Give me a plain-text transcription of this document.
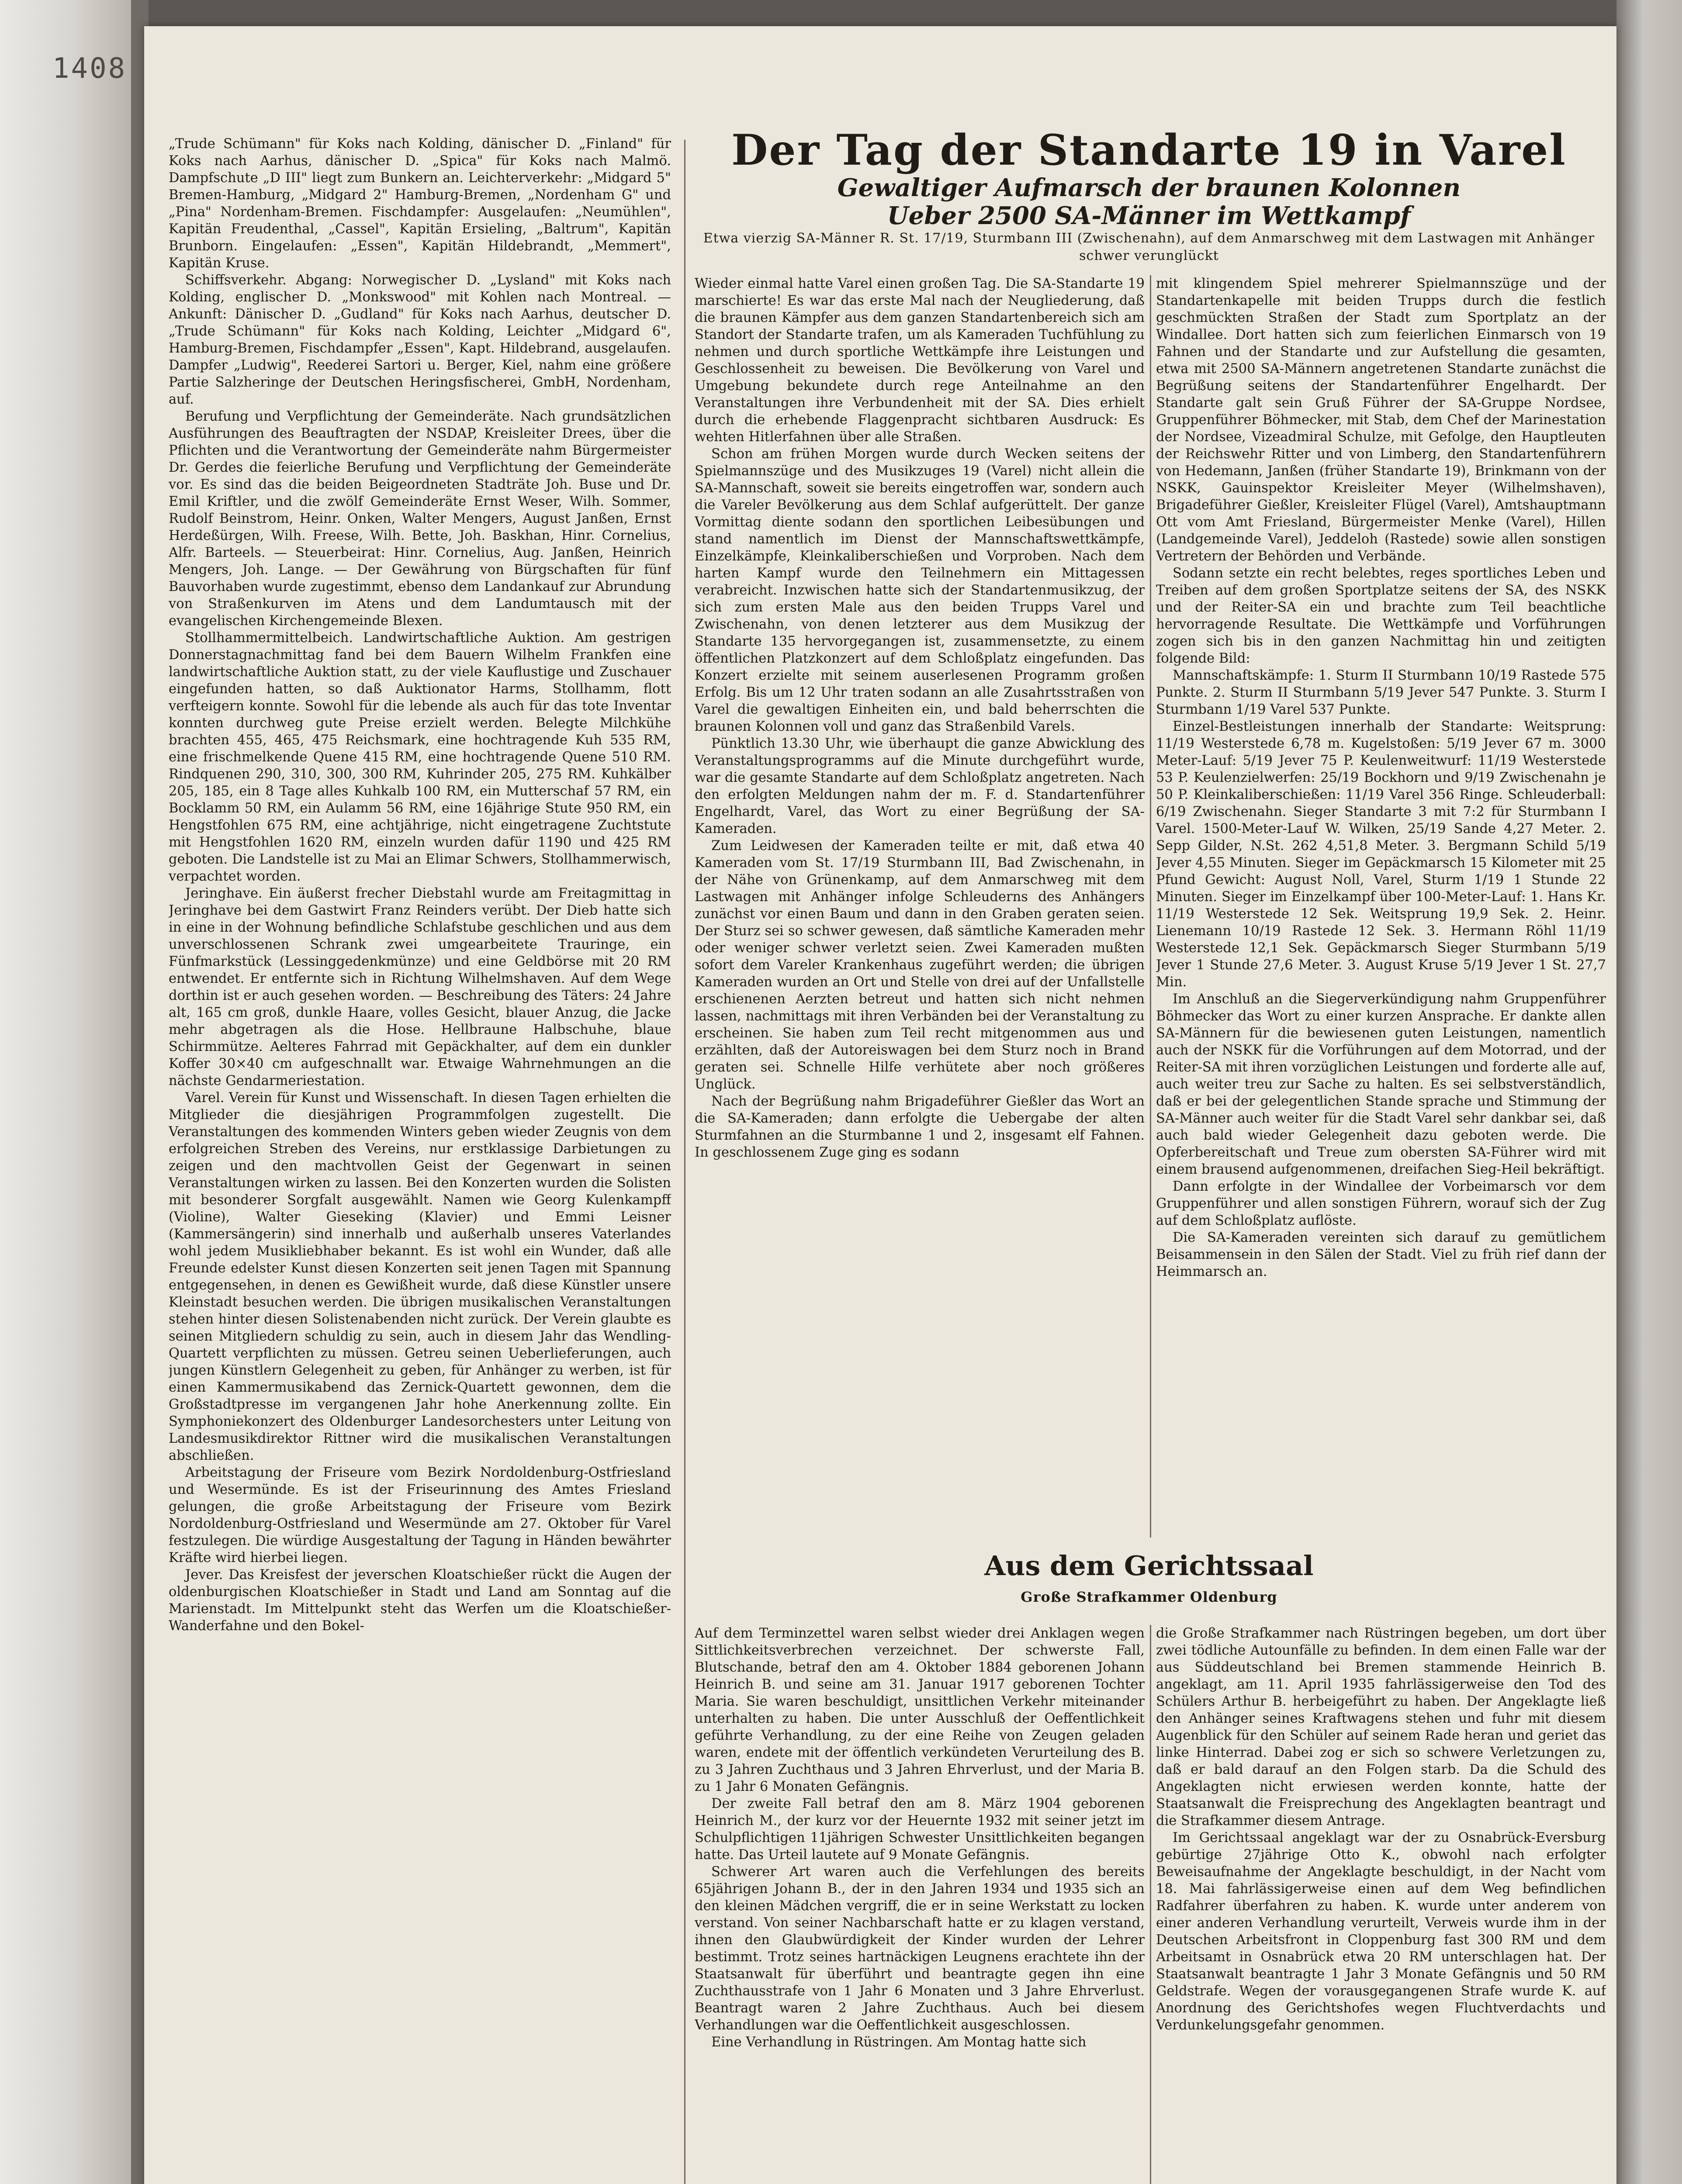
1408

„Trude Schümann" für Koks nach Kolding, dänischer D. „Finland" für Koks nach Aarhus, dänischer D. „Spica" für Koks nach Malmö. Dampfschute „D III" liegt zum Bunkern an. Leichterverkehr: „Midgard 5" Bremen-Hamburg, „Midgard 2" Hamburg-Bremen, „Nordenham G" und „Pina" Nordenham-Bremen. Fischdampfer: Ausgelaufen: „Neumühlen", Kapitän Freudenthal, „Cassel", Kapitän Ersieling, „Baltrum", Kapitän Brunborn. Eingelaufen: „Essen", Kapitän Hildebrandt, „Memmert", Kapitän Kruse.

Schiffsverkehr. Abgang: Norwegischer D. „Lysland" mit Koks nach Kolding, englischer D. „Monkswood" mit Kohlen nach Montreal. — Ankunft: Dänischer D. „Gudland" für Koks nach Aarhus, deutscher D. „Trude Schümann" für Koks nach Kolding, Leichter „Midgard 6", Hamburg-Bremen, Fischdampfer „Essen", Kapt. Hildebrand, ausgelaufen. Dampfer „Ludwig", Reederei Sartori u. Berger, Kiel, nahm eine größere Partie Salzheringe der Deutschen Heringsfischerei, GmbH, Nordenham, auf.

Berufung und Verpflichtung der Gemeinderäte. Nach grundsätzlichen Ausführungen des Beauftragten der NSDAP, Kreisleiter Drees, über die Pflichten und die Verantwortung der Gemeinderäte nahm Bürgermeister Dr. Gerdes die feierliche Berufung und Verpflichtung der Gemeinderäte vor. Es sind das die beiden Beigeordneten Stadträte Joh. Buse und Dr. Emil Kriftler, und die zwölf Gemeinderäte Ernst Weser, Wilh. Sommer, Rudolf Beinstrom, Heinr. Onken, Walter Mengers, August Janßen, Ernst Herdeßürgen, Wilh. Freese, Wilh. Bette, Joh. Baskhan, Hinr. Cornelius, Alfr. Barteels. — Steuerbeirat: Hinr. Cornelius, Aug. Janßen, Heinrich Mengers, Joh. Lange. — Der Gewährung von Bürgschaften für fünf Bauvorhaben wurde zugestimmt, ebenso dem Landankauf zur Abrundung von Straßenkurven im Atens und dem Landumtausch mit der evangelischen Kirchengemeinde Blexen.

Stollhammermittelbeich. Landwirtschaftliche Auktion. Am gestrigen Donnerstagnachmittag fand bei dem Bauern Wilhelm Frankfen eine landwirtschaftliche Auktion statt, zu der viele Kauflustige und Zuschauer eingefunden hatten, so daß Auktionator Harms, Stollhamm, flott verfteigern konnte. Sowohl für die lebende als auch für das tote Inventar konnten durchweg gute Preise erzielt werden. Belegte Milchkühe brachten 455, 465, 475 Reichsmark, eine hochtragende Kuh 535 RM, eine frischmelkende Quene 415 RM, eine hochtragende Quene 510 RM. Rindquenen 290, 310, 300, 300 RM, Kuhrinder 205, 275 RM. Kuhkälber 205, 185, ein 8 Tage alles Kuhkalb 100 RM, ein Mutterschaf 57 RM, ein Bocklamm 50 RM, ein Aulamm 56 RM, eine 16jährige Stute 950 RM, ein Hengstfohlen 675 RM, eine achtjährige, nicht eingetragene Zuchtstute mit Hengstfohlen 1620 RM, einzeln wurden dafür 1190 und 425 RM geboten. Die Landstelle ist zu Mai an Elimar Schwers, Stollhammerwisch, verpachtet worden.

Jeringhave. Ein äußerst frecher Diebstahl wurde am Freitagmittag in Jeringhave bei dem Gastwirt Franz Reinders verübt. Der Dieb hatte sich in eine in der Wohnung befindliche Schlafstube geschlichen und aus dem unverschlossenen Schrank zwei umgearbeitete Trauringe, ein Fünfmarkstück (Lessinggedenkmünze) und eine Geldbörse mit 20 RM entwendet. Er entfernte sich in Richtung Wilhelmshaven. Auf dem Wege dorthin ist er auch gesehen worden. — Beschreibung des Täters: 24 Jahre alt, 165 cm groß, dunkle Haare, volles Gesicht, blauer Anzug, die Jacke mehr abgetragen als die Hose. Hellbraune Halbschuhe, blaue Schirmmütze. Aelteres Fahrrad mit Gepäckhalter, auf dem ein dunkler Koffer 30×40 cm aufgeschnallt war. Etwaige Wahrnehmungen an die nächste Gendarmeriestation.

Varel. Verein für Kunst und Wissenschaft. In diesen Tagen erhielten die Mitglieder die diesjährigen Programmfolgen zugestellt. Die Veranstaltungen des kommenden Winters geben wieder Zeugnis von dem erfolgreichen Streben des Vereins, nur erstklassige Darbietungen zu zeigen und den machtvollen Geist der Gegenwart in seinen Veranstaltungen wirken zu lassen. Bei den Konzerten wurden die Solisten mit besonderer Sorgfalt ausgewählt. Namen wie Georg Kulenkampff (Violine), Walter Gieseking (Klavier) und Emmi Leisner (Kammersängerin) sind innerhalb und außerhalb unseres Vaterlandes wohl jedem Musikliebhaber bekannt. Es ist wohl ein Wunder, daß alle Freunde edelster Kunst diesen Konzerten seit jenen Tagen mit Spannung entgegensehen, in denen es Gewißheit wurde, daß diese Künstler unsere Kleinstadt besuchen werden. Die übrigen musikalischen Veranstaltungen stehen hinter diesen Solistenabenden nicht zurück. Der Verein glaubte es seinen Mitgliedern schuldig zu sein, auch in diesem Jahr das Wendling-Quartett verpflichten zu müssen. Getreu seinen Ueberlieferungen, auch jungen Künstlern Gelegenheit zu geben, für Anhänger zu werben, ist für einen Kammermusikabend das Zernick-Quartett gewonnen, dem die Großstadtpresse im vergangenen Jahr hohe Anerkennung zollte. Ein Symphoniekonzert des Oldenburger Landesorchesters unter Leitung von Landesmusikdirektor Rittner wird die musikalischen Veranstaltungen abschließen.

Arbeitstagung der Friseure vom Bezirk Nordoldenburg-Ostfriesland und Wesermünde. Es ist der Friseurinnung des Amtes Friesland gelungen, die große Arbeitstagung der Friseure vom Bezirk Nordoldenburg-Ostfriesland und Wesermünde am 27. Oktober für Varel festzulegen. Die würdige Ausgestaltung der Tagung in Händen bewährter Kräfte wird hierbei liegen.

Jever. Das Kreisfest der jeverschen Kloatschießer rückt die Augen der oldenburgischen Kloatschießer in Stadt und Land am Sonntag auf die Marienstadt. Im Mittelpunkt steht das Werfen um die Kloatschießer-Wanderfahne und den Bokel-

Der Tag der Standarte 19 in Varel

Gewaltiger Aufmarsch der braunen Kolonnen

Ueber 2500 SA-Männer im Wettkampf

Etwa vierzig SA-Männer R. St. 17/19, Sturmbann III (Zwischenahn), auf dem Anmarschweg mit dem Lastwagen mit Anhänger schwer verunglückt

Wieder einmal hatte Varel einen großen Tag. Die SA-Standarte 19 marschierte! Es war das erste Mal nach der Neugliederung, daß die braunen Kämpfer aus dem ganzen Standartenbereich sich am Standort der Standarte trafen, um als Kameraden Tuchfühlung zu nehmen und durch sportliche Wettkämpfe ihre Leistungen und Geschlossenheit zu beweisen. Die Bevölkerung von Varel und Umgebung bekundete durch rege Anteilnahme an den Veranstaltungen ihre Verbundenheit mit der SA. Dies erhielt durch die erhebende Flaggenpracht sichtbaren Ausdruck: Es wehten Hitlerfahnen über alle Straßen.

Schon am frühen Morgen wurde durch Wecken seitens der Spielmannszüge und des Musikzuges 19 (Varel) nicht allein die SA-Mannschaft, soweit sie bereits eingetroffen war, sondern auch die Vareler Bevölkerung aus dem Schlaf aufgerüttelt. Der ganze Vormittag diente sodann den sportlichen Leibesübungen und stand namentlich im Dienst der Mannschaftswettkämpfe, Einzelkämpfe, Kleinkaliberschießen und Vorproben. Nach dem harten Kampf wurde den Teilnehmern ein Mittagessen verabreicht. Inzwischen hatte sich der Standartenmusikzug, der sich zum ersten Male aus den beiden Trupps Varel und Zwischenahn, von denen letzterer aus dem Musikzug der Standarte 135 hervorgegangen ist, zusammensetzte, zu einem öffentlichen Platzkonzert auf dem Schloßplatz eingefunden. Das Konzert erzielte mit seinem auserlesenen Programm großen Erfolg. Bis um 12 Uhr traten sodann an alle Zusahrtsstraßen von Varel die gewaltigen Einheiten ein, und bald beherrschten die braunen Kolonnen voll und ganz das Straßenbild Varels.

Pünktlich 13.30 Uhr, wie überhaupt die ganze Abwicklung des Veranstaltungsprogramms auf die Minute durchgeführt wurde, war die gesamte Standarte auf dem Schloßplatz angetreten. Nach den erfolgten Meldungen nahm der m. F. d. Standartenführer Engelhardt, Varel, das Wort zu einer Begrüßung der SA-Kameraden.

Zum Leidwesen der Kameraden teilte er mit, daß etwa 40 Kameraden vom St. 17/19 Sturmbann III, Bad Zwischenahn, in der Nähe von Grünenkamp, auf dem Anmarschweg mit dem Lastwagen mit Anhänger infolge Schleuderns des Anhängers zunächst vor einen Baum und dann in den Graben geraten seien. Der Sturz sei so schwer gewesen, daß sämtliche Kameraden mehr oder weniger schwer verletzt seien. Zwei Kameraden mußten sofort dem Vareler Krankenhaus zugeführt werden; die übrigen Kameraden wurden an Ort und Stelle von drei auf der Unfallstelle erschienenen Aerzten betreut und hatten sich nicht nehmen lassen, nachmittags mit ihren Verbänden bei der Veranstaltung zu erscheinen. Sie haben zum Teil recht mitgenommen aus und erzählten, daß der Autoreiswagen bei dem Sturz noch in Brand geraten sei. Schnelle Hilfe verhütete aber noch größeres Unglück.

Nach der Begrüßung nahm Brigadeführer Gießler das Wort an die SA-Kameraden; dann erfolgte die Uebergabe der alten Sturmfahnen an die Sturmbanne 1 und 2, insgesamt elf Fahnen. In geschlossenem Zuge ging es sodann

mit klingendem Spiel mehrerer Spielmannszüge und der Standartenkapelle mit beiden Trupps durch die festlich geschmückten Straßen der Stadt zum Sportplatz an der Windallee. Dort hatten sich zum feierlichen Einmarsch von 19 Fahnen und der Standarte und zur Aufstellung die gesamten, etwa mit 2500 SA-Männern angetretenen Standarte zunächst die Begrüßung seitens der Standartenführer Engelhardt. Der Standarte galt sein Gruß Führer der SA-Gruppe Nordsee, Gruppenführer Böhmecker, mit Stab, dem Chef der Marinestation der Nordsee, Vizeadmiral Schulze, mit Gefolge, den Hauptleuten der Reichswehr Ritter und von Limberg, den Standartenführern von Hedemann, Janßen (früher Standarte 19), Brinkmann von der NSKK, Gauinspektor Kreisleiter Meyer (Wilhelmshaven), Brigadeführer Gießler, Kreisleiter Flügel (Varel), Amtshauptmann Ott vom Amt Friesland, Bürgermeister Menke (Varel), Hillen (Landgemeinde Varel), Jeddeloh (Rastede) sowie allen sonstigen Vertretern der Behörden und Verbände.

Sodann setzte ein recht belebtes, reges sportliches Leben und Treiben auf dem großen Sportplatze seitens der SA, des NSKK und der Reiter-SA ein und brachte zum Teil beachtliche hervorragende Resultate. Die Wettkämpfe und Vorführungen zogen sich bis in den ganzen Nachmittag hin und zeitigten folgende Bild:

Mannschaftskämpfe: 1. Sturm II Sturmbann 10/19 Rastede 575 Punkte. 2. Sturm II Sturmbann 5/19 Jever 547 Punkte. 3. Sturm I Sturmbann 1/19 Varel 537 Punkte.

Einzel-Bestleistungen innerhalb der Standarte: Weitsprung: 11/19 Westerstede 6,78 m. Kugelstoßen: 5/19 Jever 67 m. 3000 Meter-Lauf: 5/19 Jever 75 P. Keulenweitwurf: 11/19 Westerstede 53 P. Keulenzielwerfen: 25/19 Bockhorn und 9/19 Zwischenahn je 50 P. Kleinkaliberschießen: 11/19 Varel 356 Ringe. Schleuderball: 6/19 Zwischenahn. Sieger Standarte 3 mit 7:2 für Sturmbann I Varel. 1500-Meter-Lauf W. Wilken, 25/19 Sande 4,27 Meter. 2. Sepp Gilder, N.St. 262 4,51,8 Meter. 3. Bergmann Schild 5/19 Jever 4,55 Minuten. Sieger im Gepäckmarsch 15 Kilometer mit 25 Pfund Gewicht: August Noll, Varel, Sturm 1/19 1 Stunde 22 Minuten. Sieger im Einzelkampf über 100-Meter-Lauf: 1. Hans Kr. 11/19 Westerstede 12 Sek. Weitsprung 19,9 Sek. 2. Heinr. Lienemann 10/19 Rastede 12 Sek. 3. Hermann Röhl 11/19 Westerstede 12,1 Sek. Gepäckmarsch Sieger Sturmbann 5/19 Jever 1 Stunde 27,6 Meter. 3. August Kruse 5/19 Jever 1 St. 27,7 Min.

Im Anschluß an die Siegerverkündigung nahm Gruppenführer Böhmecker das Wort zu einer kurzen Ansprache. Er dankte allen SA-Männern für die bewiesenen guten Leistungen, namentlich auch der NSKK für die Vorführungen auf dem Motorrad, und der Reiter-SA mit ihren vorzüglichen Leistungen und forderte alle auf, auch weiter treu zur Sache zu halten. Es sei selbstverständlich, daß er bei der gelegentlichen Stande sprache und Stimmung der SA-Männer auch weiter für die Stadt Varel sehr dankbar sei, daß auch bald wieder Gelegenheit dazu geboten werde. Die Opferbereitschaft und Treue zum obersten SA-Führer wird mit einem brausend aufgenommenen, dreifachen Sieg-Heil bekräftigt.

Dann erfolgte in der Windallee der Vorbeimarsch vor dem Gruppenführer und allen sonstigen Führern, worauf sich der Zug auf dem Schloßplatz auflöste.

Die SA-Kameraden vereinten sich darauf zu gemütlichem Beisammensein in den Sälen der Stadt. Viel zu früh rief dann der Heimmarsch an.

Aus dem Gerichtssaal

Große Strafkammer Oldenburg

Auf dem Terminzettel waren selbst wieder drei Anklagen wegen Sittlichkeitsverbrechen verzeichnet. Der schwerste Fall, Blutschande, betraf den am 4. Oktober 1884 geborenen Johann Heinrich B. und seine am 31. Januar 1917 geborenen Tochter Maria. Sie waren beschuldigt, unsittlichen Verkehr miteinander unterhalten zu haben. Die unter Ausschluß der Oeffentlichkeit geführte Verhandlung, zu der eine Reihe von Zeugen geladen waren, endete mit der öffentlich verkündeten Verurteilung des B. zu 3 Jahren Zuchthaus und 3 Jahren Ehrverlust, und der Maria B. zu 1 Jahr 6 Monaten Gefängnis.

Der zweite Fall betraf den am 8. März 1904 geborenen Heinrich M., der kurz vor der Heuernte 1932 mit seiner jetzt im Schulpflichtigen 11jährigen Schwester Unsittlichkeiten begangen hatte. Das Urteil lautete auf 9 Monate Gefängnis.

Schwerer Art waren auch die Verfehlungen des bereits 65jährigen Johann B., der in den Jahren 1934 und 1935 sich an den kleinen Mädchen vergriff, die er in seine Werkstatt zu locken verstand. Von seiner Nachbarschaft hatte er zu klagen verstand, ihnen den Glaubwürdigkeit der Kinder wurden der Lehrer bestimmt. Trotz seines hartnäckigen Leugnens erachtete ihn der Staatsanwalt für überführt und beantragte gegen ihn eine Zuchthausstrafe von 1 Jahr 6 Monaten und 3 Jahre Ehrverlust. Beantragt waren 2 Jahre Zuchthaus. Auch bei diesem Verhandlungen war die Oeffentlichkeit ausgeschlossen.

Eine Verhandlung in Rüstringen. Am Montag hatte sich

die Große Strafkammer nach Rüstringen begeben, um dort über zwei tödliche Autounfälle zu befinden. In dem einen Falle war der aus Süddeutschland bei Bremen stammende Heinrich B. angeklagt, am 11. April 1935 fahrlässigerweise den Tod des Schülers Arthur B. herbeigeführt zu haben. Der Angeklagte ließ den Anhänger seines Kraftwagens stehen und fuhr mit diesem Augenblick für den Schüler auf seinem Rade heran und geriet das linke Hinterrad. Dabei zog er sich so schwere Verletzungen zu, daß er bald darauf an den Folgen starb. Da die Schuld des Angeklagten nicht erwiesen werden konnte, hatte der Staatsanwalt die Freisprechung des Angeklagten beantragt und die Strafkammer diesem Antrage.

Im Gerichtssaal angeklagt war der zu Osnabrück-Eversburg gebürtige 27jährige Otto K., obwohl nach erfolgter Beweisaufnahme der Angeklagte beschuldigt, in der Nacht vom 18. Mai fahrlässigerweise einen auf dem Weg befindlichen Radfahrer überfahren zu haben. K. wurde unter anderem von einer anderen Verhandlung verurteilt, Verweis wurde ihm in der Deutschen Arbeitsfront in Cloppenburg fast 300 RM und dem Arbeitsamt in Osnabrück etwa 20 RM unterschlagen hat. Der Staatsanwalt beantragte 1 Jahr 3 Monate Gefängnis und 50 RM Geldstrafe. Wegen der vorausgegangenen Strafe wurde K. auf Anordnung des Gerichtshofes wegen Fluchtverdachts und Verdunkelungsgefahr genommen.
